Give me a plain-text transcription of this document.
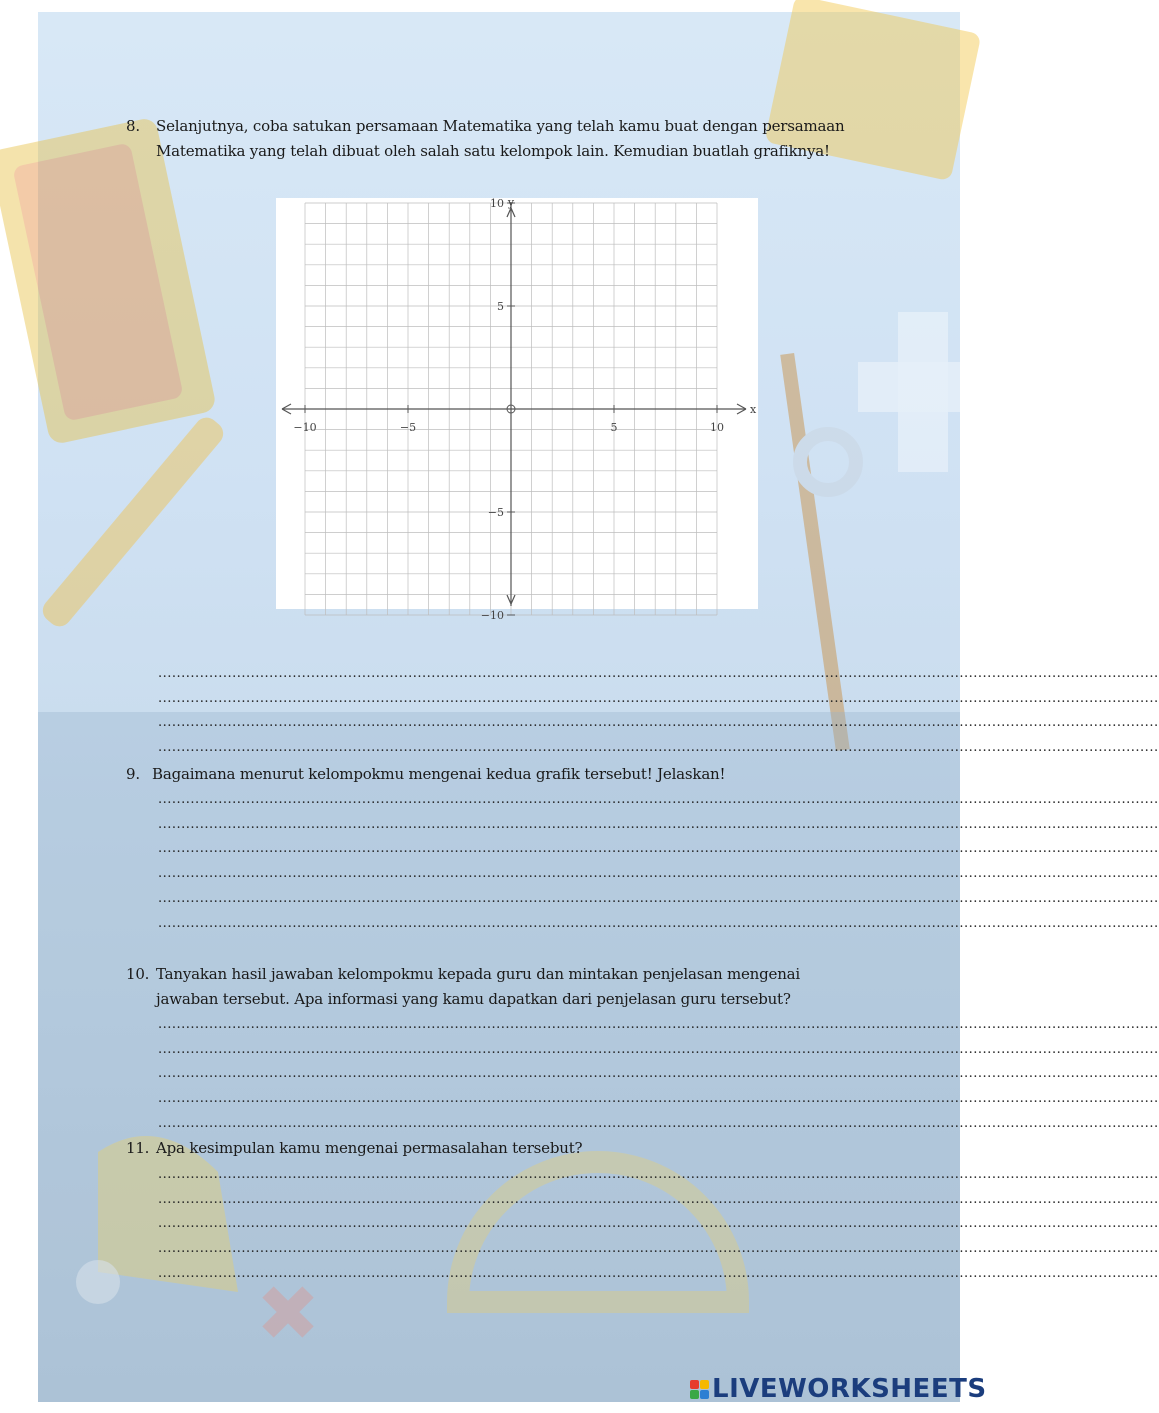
8. Selanjutnya, coba satukan persamaan Matematika yang telah kamu buat dengan persamaan
Matematika yang telah dibuat oleh salah satu kelompok lain. Kemudian buatlah grafiknya!
−10	−5	5	10
10
5
−5
−10
x
y
.....
.....
.....
.....
9. Bagaimana menurut kelompokmu mengenai kedua grafik tersebut! Jelaskan!
.....
.....
.....
.....
.....
.....
10. Tanyakan hasil jawaban kelompokmu kepada guru dan mintakan penjelasan mengenai
jawaban tersebut. Apa informasi yang kamu dapatkan dari penjelasan guru tersebut?
.....
.....
.....
.....
.....
11. Apa kesimpulan kamu mengenai permasalahan tersebut?
.....
.....
.....
.....
.....
LIVEWORKSHEETS
